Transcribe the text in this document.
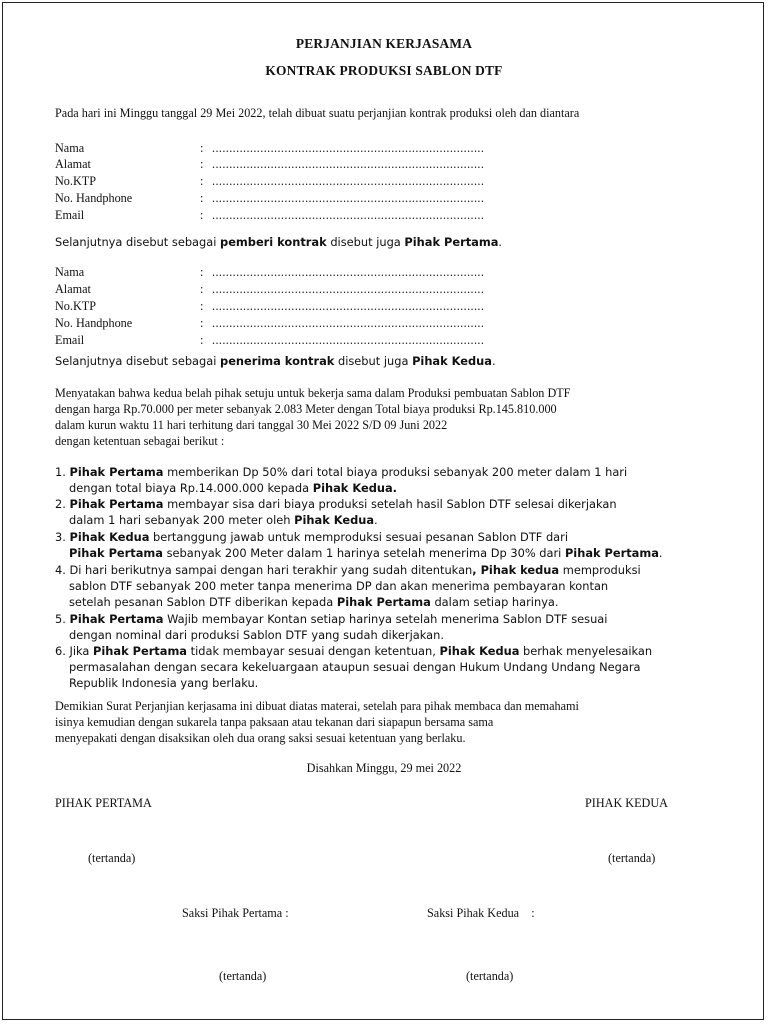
PERJANJIAN KERJASAMA
KONTRAK PRODUKSI SABLON DTF
Pada hari ini Minggu tanggal 29 Mei 2022, telah dibuat suatu perjanjian kontrak produksi oleh dan diantara
Nama	: ...............................................................................
Alamat	: ...............................................................................
No.KTP	: ...............................................................................
No. Handphone	: ...............................................................................
Email	: ...............................................................................
Selanjutnya disebut sebagai pemberi kontrak disebut juga Pihak Pertama.
Nama	: ...............................................................................
Alamat	: ...............................................................................
No.KTP	: ...............................................................................
No. Handphone	: ...............................................................................
Email	: ...............................................................................
Selanjutnya disebut sebagai penerima kontrak disebut juga Pihak Kedua.
Menyatakan bahwa kedua belah pihak setuju untuk bekerja sama dalam Produksi pembuatan Sablon DTF
dengan harga Rp.70.000 per meter sebanyak 2.083 Meter dengan Total biaya produksi Rp.145.810.000
dalam kurun waktu 11 hari terhitung dari tanggal 30 Mei 2022 S/D 09 Juni 2022
dengan ketentuan sebagai berikut :
1. Pihak Pertama memberikan Dp 50% dari total biaya produksi sebanyak 200 meter dalam 1 hari
dengan total biaya Rp.14.000.000 kepada Pihak Kedua.
2. Pihak Pertama membayar sisa dari biaya produksi setelah hasil Sablon DTF selesai dikerjakan
dalam 1 hari sebanyak 200 meter oleh Pihak Kedua.
3. Pihak Kedua bertanggung jawab untuk memproduksi sesuai pesanan Sablon DTF dari
Pihak Pertama sebanyak 200 Meter dalam 1 harinya setelah menerima Dp 30% dari Pihak Pertama.
4. Di hari berikutnya sampai dengan hari terakhir yang sudah ditentukan, Pihak kedua memproduksi
sablon DTF sebanyak 200 meter tanpa menerima DP dan akan menerima pembayaran kontan
setelah pesanan Sablon DTF diberikan kepada Pihak Pertama dalam setiap harinya.
5. Pihak Pertama Wajib membayar Kontan setiap harinya setelah menerima Sablon DTF sesuai
dengan nominal dari produksi Sablon DTF yang sudah dikerjakan.
6. Jika Pihak Pertama tidak membayar sesuai dengan ketentuan, Pihak Kedua berhak menyelesaikan
permasalahan dengan secara kekeluargaan ataupun sesuai dengan Hukum Undang Undang Negara
Republik Indonesia yang berlaku.
Demikian Surat Perjanjian kerjasama ini dibuat diatas materai, setelah para pihak membaca dan memahami
isinya kemudian dengan sukarela tanpa paksaan atau tekanan dari siapapun bersama sama
menyepakati dengan disaksikan oleh dua orang saksi sesuai ketentuan yang berlaku.
Disahkan Minggu, 29 mei 2022
PIHAK PERTAMA	PIHAK KEDUA
(tertanda)	(tertanda)
Saksi Pihak Pertama :	Saksi Pihak Kedua    :
(tertanda)	(tertanda)
